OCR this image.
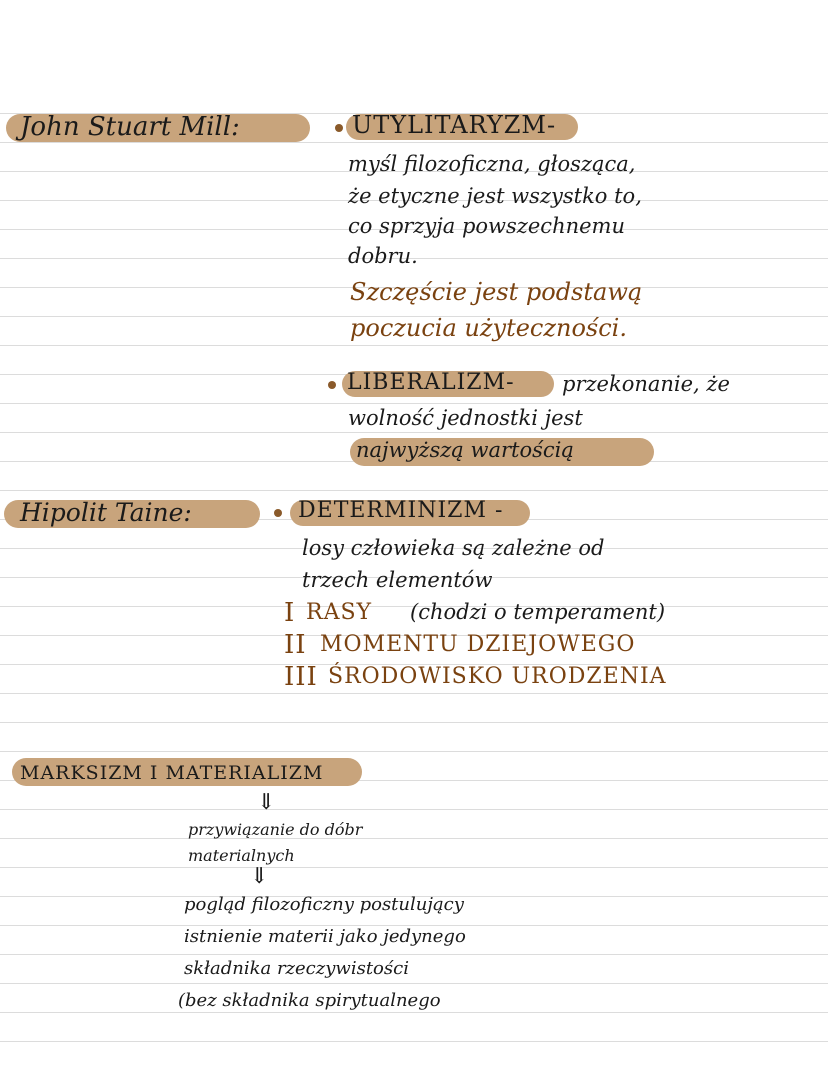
John Stuart Mill:	UTYLITARYZM-
myśl filozoficzna, głosząca,
że etyczne jest wszystko to,
co sprzyja powszechnemu
dobru.
Szczęście jest podstawą
poczucia użyteczności.
LIBERALIZM- przekonanie, że
wolność jednostki jest
najwyższą wartością
Hipolit Taine:	DETERMINIZM -
losy człowieka są zależne od
trzech elementów
I RASY (chodzi o temperament)
II MOMENTU DZIEJOWEGO
III ŚRODOWISKO URODZENIA
MARKSIZM I MATERIALIZM
⇓
przywiązanie do dóbr
materialnych
⇓
pogląd filozoficzny postulujący
istnienie materii jako jedynego
składnika rzeczywistości
(bez składnika spirytualnego
